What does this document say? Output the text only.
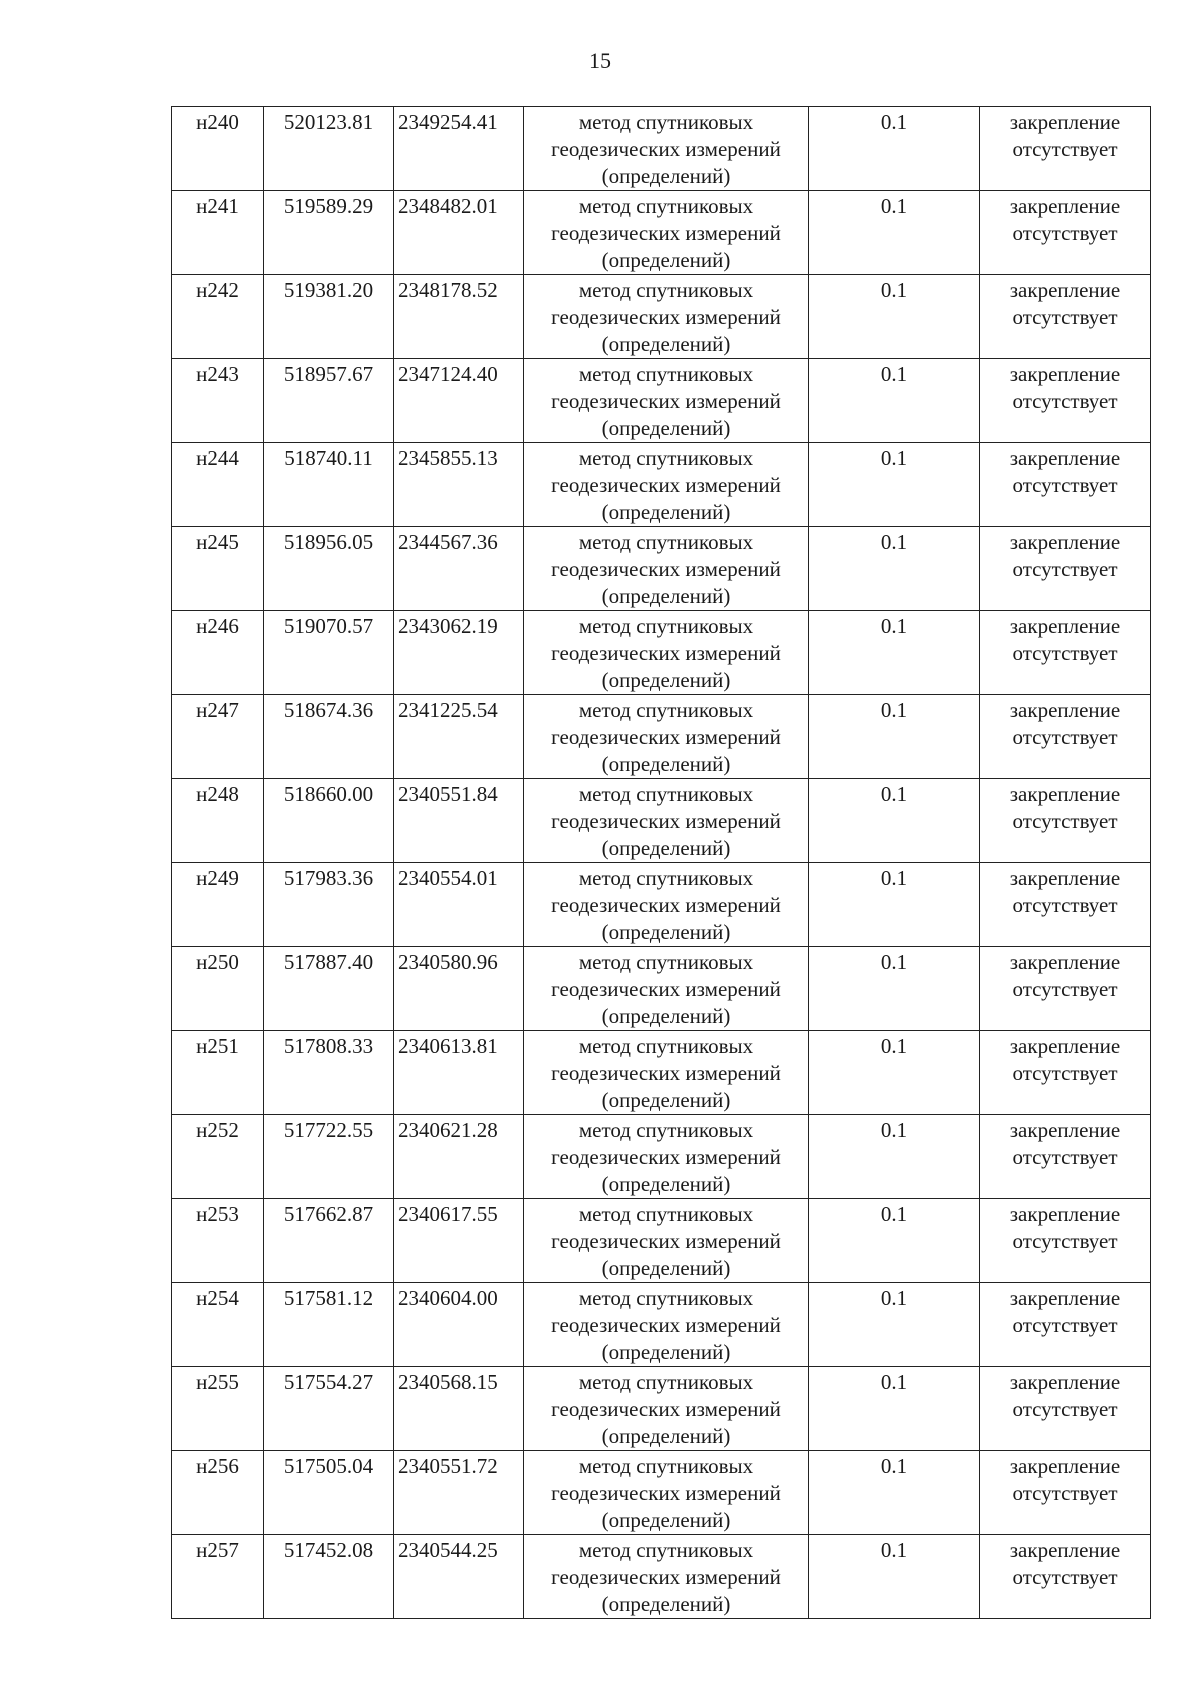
15
н240	520123.81	2349254.41	метод спутниковых
геодезических измерений
(определений)	0.1	закрепление
отсутствует

н241	519589.29	2348482.01	метод спутниковых
геодезических измерений
(определений)	0.1	закрепление
отсутствует

н242	519381.20	2348178.52	метод спутниковых
геодезических измерений
(определений)	0.1	закрепление
отсутствует

н243	518957.67	2347124.40	метод спутниковых
геодезических измерений
(определений)	0.1	закрепление
отсутствует

н244	518740.11	2345855.13	метод спутниковых
геодезических измерений
(определений)	0.1	закрепление
отсутствует

н245	518956.05	2344567.36	метод спутниковых
геодезических измерений
(определений)	0.1	закрепление
отсутствует

н246	519070.57	2343062.19	метод спутниковых
геодезических измерений
(определений)	0.1	закрепление
отсутствует

н247	518674.36	2341225.54	метод спутниковых
геодезических измерений
(определений)	0.1	закрепление
отсутствует

н248	518660.00	2340551.84	метод спутниковых
геодезических измерений
(определений)	0.1	закрепление
отсутствует

н249	517983.36	2340554.01	метод спутниковых
геодезических измерений
(определений)	0.1	закрепление
отсутствует

н250	517887.40	2340580.96	метод спутниковых
геодезических измерений
(определений)	0.1	закрепление
отсутствует

н251	517808.33	2340613.81	метод спутниковых
геодезических измерений
(определений)	0.1	закрепление
отсутствует

н252	517722.55	2340621.28	метод спутниковых
геодезических измерений
(определений)	0.1	закрепление
отсутствует

н253	517662.87	2340617.55	метод спутниковых
геодезических измерений
(определений)	0.1	закрепление
отсутствует

н254	517581.12	2340604.00	метод спутниковых
геодезических измерений
(определений)	0.1	закрепление
отсутствует

н255	517554.27	2340568.15	метод спутниковых
геодезических измерений
(определений)	0.1	закрепление
отсутствует

н256	517505.04	2340551.72	метод спутниковых
геодезических измерений
(определений)	0.1	закрепление
отсутствует

н257	517452.08	2340544.25	метод спутниковых
геодезических измерений
(определений)	0.1	закрепление
отсутствует
